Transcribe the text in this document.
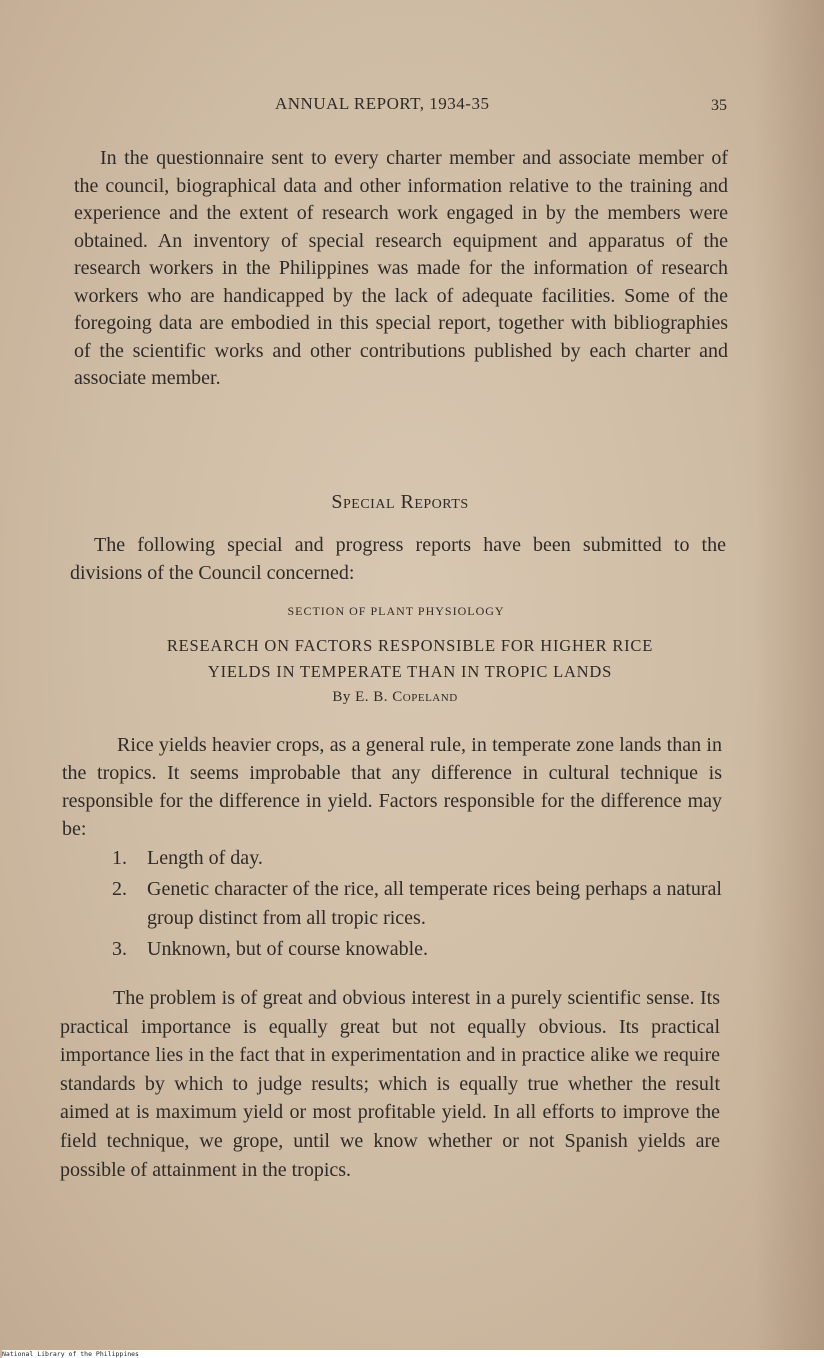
ANNUAL REPORT, 1934-35	35

In the questionnaire sent to every charter member and associate member of the council, biographical data and other information relative to the training and experience and the extent of research work engaged in by the members were obtained. An inventory of special research equipment and apparatus of the research workers in the Philippines was made for the information of research workers who are handicapped by the lack of adequate facilities. Some of the foregoing data are embodied in this special report, together with bibliographies of the scientific works and other contributions published by each charter and associate member.

Special Reports

The following special and progress reports have been submitted to the divisions of the Council concerned:

SECTION OF PLANT PHYSIOLOGY

RESEARCH ON FACTORS RESPONSIBLE FOR HIGHER RICE
YIELDS IN TEMPERATE THAN IN TROPIC LANDS

By E. B. Copeland

Rice yields heavier crops, as a general rule, in temperate zone lands than in the tropics. It seems improbable that any difference in cultural technique is responsible for the difference in yield. Factors responsible for the difference may be:

1.	Length of day.
2.	Genetic character of the rice, all temperate rices being perhaps a natural group distinct from all tropic rices.
3.	Unknown, but of course knowable.

The problem is of great and obvious interest in a purely scientific sense. Its practical importance is equally great but not equally obvious. Its practical importance lies in the fact that in experimentation and in practice alike we require standards by which to judge results; which is equally true whether the result aimed at is maximum yield or most profitable yield. In all efforts to improve the field technique, we grope, until we know whether or not Spanish yields are possible of attainment in the tropics.

National Library of the Philippines
